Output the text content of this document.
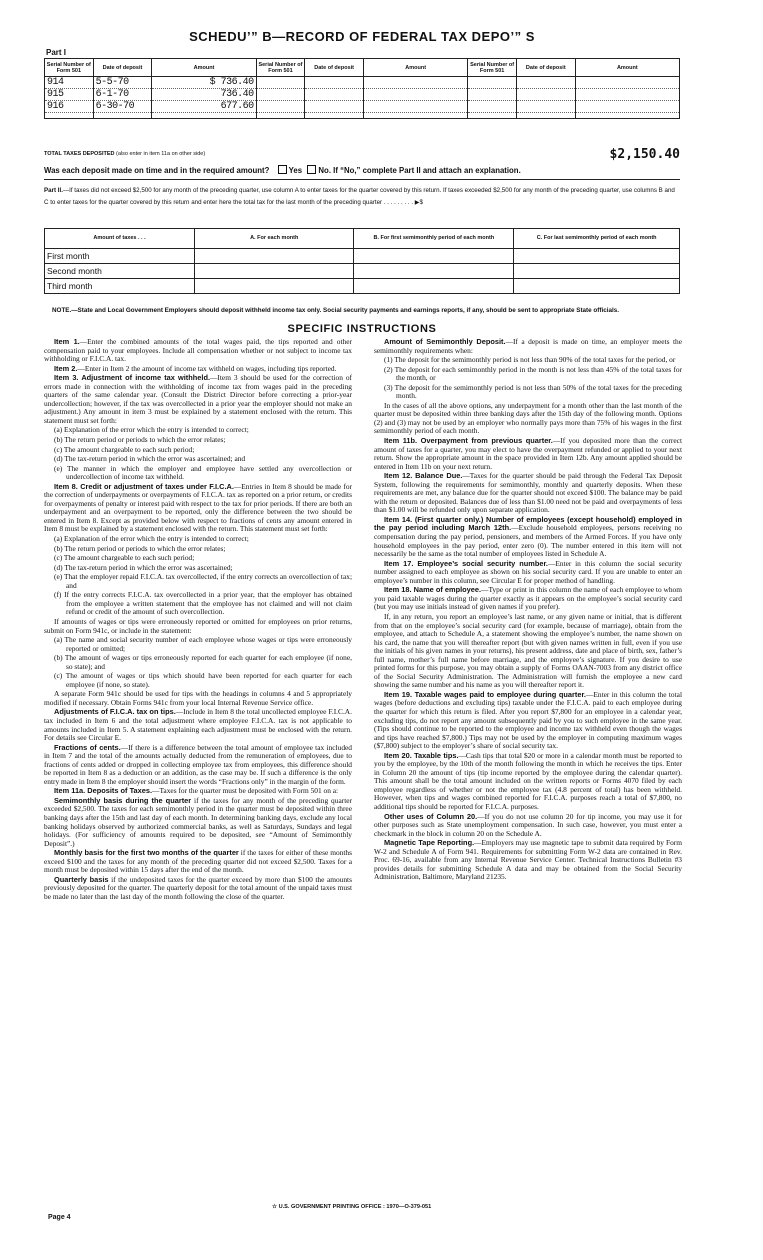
SCHEDU’” B—RECORD OF FEDERAL TAX DEPO’” S
Part I
Serial Number of Form 501	Date of deposit	Amount	Serial Number of Form 501	Date of deposit	Amount	Serial Number of Form 501	Date of deposit	Amount
914	5-5-70	$ 736.40						
915	6-1-70	736.40						
916	6-30-70	677.60						

TOTAL TAXES DEPOSITED (also enter in item 11a on other side)	$2,150.40
Was each deposit made on time and in the required amount? Yes No. If “No,” complete Part II and attach an explanation.
Part II.—If taxes did not exceed $2,500 for any month of the preceding quarter, use column A to enter taxes for the quarter covered by this return. If taxes exceeded $2,500 for any month of the preceding quarter, use columns B and C to enter taxes for the quarter covered by this return and enter here the total tax for the last month of the preceding quarter . . . . . . . . . ▶$
Amount of taxes . . .	A. For each month	B. For first semimonthly period of each month	C. For last semimonthly period of each month
First month			
Second month			
Third month			
NOTE.—State and Local Government Employers should deposit withheld income tax only. Social security payments and earnings reports, if any, should be sent to appropriate State officials.
SPECIFIC INSTRUCTIONS

Item 1.—Enter the combined amounts of the total wages paid, the tips reported and other compensation paid to your employees. Include all compensation whether or not subject to income tax withholding or F.I.C.A. tax.

Item 2.—Enter in Item 2 the amount of income tax withheld on wages, including tips reported.

Item 3. Adjustment of income tax withheld.—Item 3 should be used for the correction of errors made in connection with the withholding of income tax from wages paid in the preceding quarters of the same calendar year. (Consult the District Director before correcting a prior-year undercollection; however, if the tax was overcollected in a prior year the employer should not make an adjustment.) Any amount in item 3 must be explained by a statement enclosed with the return. This statement must set forth:

(a) Explanation of the error which the entry is intended to correct;

(b) The return period or periods to which the error relates;

(c) The amount chargeable to each such period;

(d) The tax-return period in which the error was ascertained; and

(e) The manner in which the employer and employee have settled any overcollection or undercollection of income tax withheld.

Item 8. Credit or adjustment of taxes under F.I.C.A.—Entries in Item 8 should be made for the correction of underpayments or overpayments of F.I.C.A. tax as reported on a prior return, or credits for overpayments of penalty or interest paid with respect to the tax for prior periods. If there are both an underpayment and an overpayment to be reported, only the difference between the two should be entered in Item 8. Except as provided below with respect to fractions of cents any amount entered in Item 8 must be explained by a statement enclosed with the return. This statement must set forth:

(a) Explanation of the error which the entry is intended to correct;

(b) The return period or periods to which the error relates;

(c) The amount chargeable to each such period;

(d) The tax-return period in which the error was ascertained;

(e) That the employer repaid F.I.C.A. tax overcollected, if the entry corrects an overcollection of tax; and

(f) If the entry corrects F.I.C.A. tax overcollected in a prior year, that the employer has obtained from the employee a written statement that the employee has not claimed and will not claim refund or credit of the amount of such overcollection.

If amounts of wages or tips were erroneously reported or omitted for employees on prior returns, submit on Form 941c, or include in the statement:

(a) The name and social security number of each employee whose wages or tips were erroneously reported or omitted;

(b) The amount of wages or tips erroneously reported for each quarter for each employee (if none, so state); and

(c) The amount of wages or tips which should have been reported for each quarter for each employee (if none, so state).

A separate Form 941c should be used for tips with the headings in columns 4 and 5 appropriately modified if necessary. Obtain Forms 941c from your local Internal Revenue Service office.

Adjustments of F.I.C.A. tax on tips.—Include in Item 8 the total uncollected employee F.I.C.A. tax included in Item 6 and the total adjustment where employee F.I.C.A. tax is not applicable to amounts included in Item 5. A statement explaining each adjustment must be enclosed with the return. For details see Circular E.

Fractions of cents.—If there is a difference between the total amount of employee tax included in Item 7 and the total of the amounts actually deducted from the remuneration of employees, due to fractions of cents added or dropped in collecting employee tax from employees, this difference should be reported in Item 8 as a deduction or an addition, as the case may be. If such a difference is the only entry made in Item 8 the employer should insert the words “Fractions only” in the margin of the form.

Item 11a. Deposits of Taxes.—Taxes for the quarter must be deposited with Form 501 on a:

Semimonthly basis during the quarter if the taxes for any month of the preceding quarter exceeded $2,500. The taxes for each semimonthly period in the quarter must be deposited within three banking days after the 15th and last day of each month. In determining banking days, exclude any local banking holidays observed by authorized commercial banks, as well as Saturdays, Sundays and legal holidays. (For sufficiency of amounts required to be deposited, see “Amount of Semimonthly Deposit”.)

Monthly basis for the first two months of the quarter if the taxes for either of these months exceed $100 and the taxes for any month of the preceding quarter did not exceed $2,500. Taxes for a month must be deposited within 15 days after the end of the month.

Quarterly basis if the undeposited taxes for the quarter exceed by more than $100 the amounts previously deposited for the quarter. The quarterly deposit for the total amount of the unpaid taxes must be made no later than the last day of the month following the close of the quarter.

Amount of Semimonthly Deposit.—If a deposit is made on time, an employer meets the semimonthly requirements when:

(1) The deposit for the semimonthly period is not less than 90% of the total taxes for the period, or

(2) The deposit for each semimonthly period in the month is not less than 45% of the total taxes for the month, or

(3) The deposit for the semimonthly period is not less than 50% of the total taxes for the preceding month.

In the cases of all the above options, any underpayment for a month other than the last month of the quarter must be deposited within three banking days after the 15th day of the following month. Options (2) and (3) may not be used by an employer who normally pays more than 75% of his wages in the first semimonthly period of each month.

Item 11b. Overpayment from previous quarter.—If you deposited more than the correct amount of taxes for a quarter, you may elect to have the overpayment refunded or applied to your next return. Show the appropriate amount in the space provided in Item 12b. Any amount applied should be entered in Item 11b on your next return.

Item 12. Balance Due.—Taxes for the quarter should be paid through the Federal Tax Deposit System, following the requirements for semimonthly, monthly and quarterly deposits. When these requirements are met, any balance due for the quarter should not exceed $100. The balance may be paid with the return or deposited. Balances due of less than $1.00 need not be paid and overpayments of less than $1.00 will be refunded only upon separate application.

Item 14. (First quarter only.) Number of employees (except household) employed in the pay period including March 12th.—Exclude household employees, persons receiving no compensation during the pay period, pensioners, and members of the Armed Forces. If you have only household employees in the pay period, enter zero (0). The number entered in this item will not necessarily be the same as the total number of employees listed in Schedule A.

Item 17. Employee’s social security number.—Enter in this column the social security number assigned to each employee as shown on his social security card. If you are unable to enter an employee’s number in this column, see Circular E for proper method of handling.

Item 18. Name of employee.—Type or print in this column the name of each employee to whom you paid taxable wages during the quarter exactly as it appears on the employee’s social security card (but you may use initials instead of given names if you prefer).

If, in any return, you report an employee’s last name, or any given name or initial, that is different from that on the employee’s social security card (for example, because of marriage), obtain from the employee, and attach to Schedule A, a statement showing the employee’s number, the name shown on his card, the name that you will thereafter report (but with given names written in full, even if you use the initials of his given names in your returns), his present address, date and place of birth, sex, father’s full name, mother’s full name before marriage, and the employee’s signature. If you desire to use printed forms for this purpose, you may obtain a supply of Forms OAAN-7003 from any district office of the Social Security Administration. The Administration will furnish the employee a new card showing the same number and his name as you will thereafter report it.

Item 19. Taxable wages paid to employee during quarter.—Enter in this column the total wages (before deductions and excluding tips) taxable under the F.I.C.A. paid to each employee during the quarter for which this return is filed. After you report $7,800 for an employee in a calendar year, excluding tips, do not report any amount subsequently paid by you to such employee in the same year. (Tips should continue to be reported to the employee and income tax withheld even though the wages and tips have reached $7,800.) Tips may not be used by the employer in computing maximum wages ($7,800) subject to the employer’s share of social security tax.

Item 20. Taxable tips.—Cash tips that total $20 or more in a calendar month must be reported to you by the employee, by the 10th of the month following the month in which he receives the tips. Enter in Column 20 the amount of tips (tip income reported by the employee during the calendar quarter). This amount shall be the total amount included on the written reports or Forms 4070 filed by each employee regardless of whether or not the employee tax (4.8 percent of total) has been withheld. However, when tips and wages combined reported for F.I.C.A. purposes reach a total of $7,800, no additional tips should be reported for F.I.C.A. purposes.

Other uses of Column 20.—If you do not use column 20 for tip income, you may use it for other purposes such as State unemployment compensation. In such case, however, you must enter a checkmark in the block in column 20 on the Schedule A.

Magnetic Tape Reporting.—Employers may use magnetic tape to submit data required by Form W-2 and Schedule A of Form 941. Requirements for submitting Form W-2 data are contained in Rev. Proc. 69-16, available from any Internal Revenue Service Center. Technical Instructions Bulletin #3 provides details for submitting Schedule A data and may be obtained from the Social Security Administration, Baltimore, Maryland 21235.

☆ U.S. GOVERNMENT PRINTING OFFICE : 1970—O-379-051
Page 4
